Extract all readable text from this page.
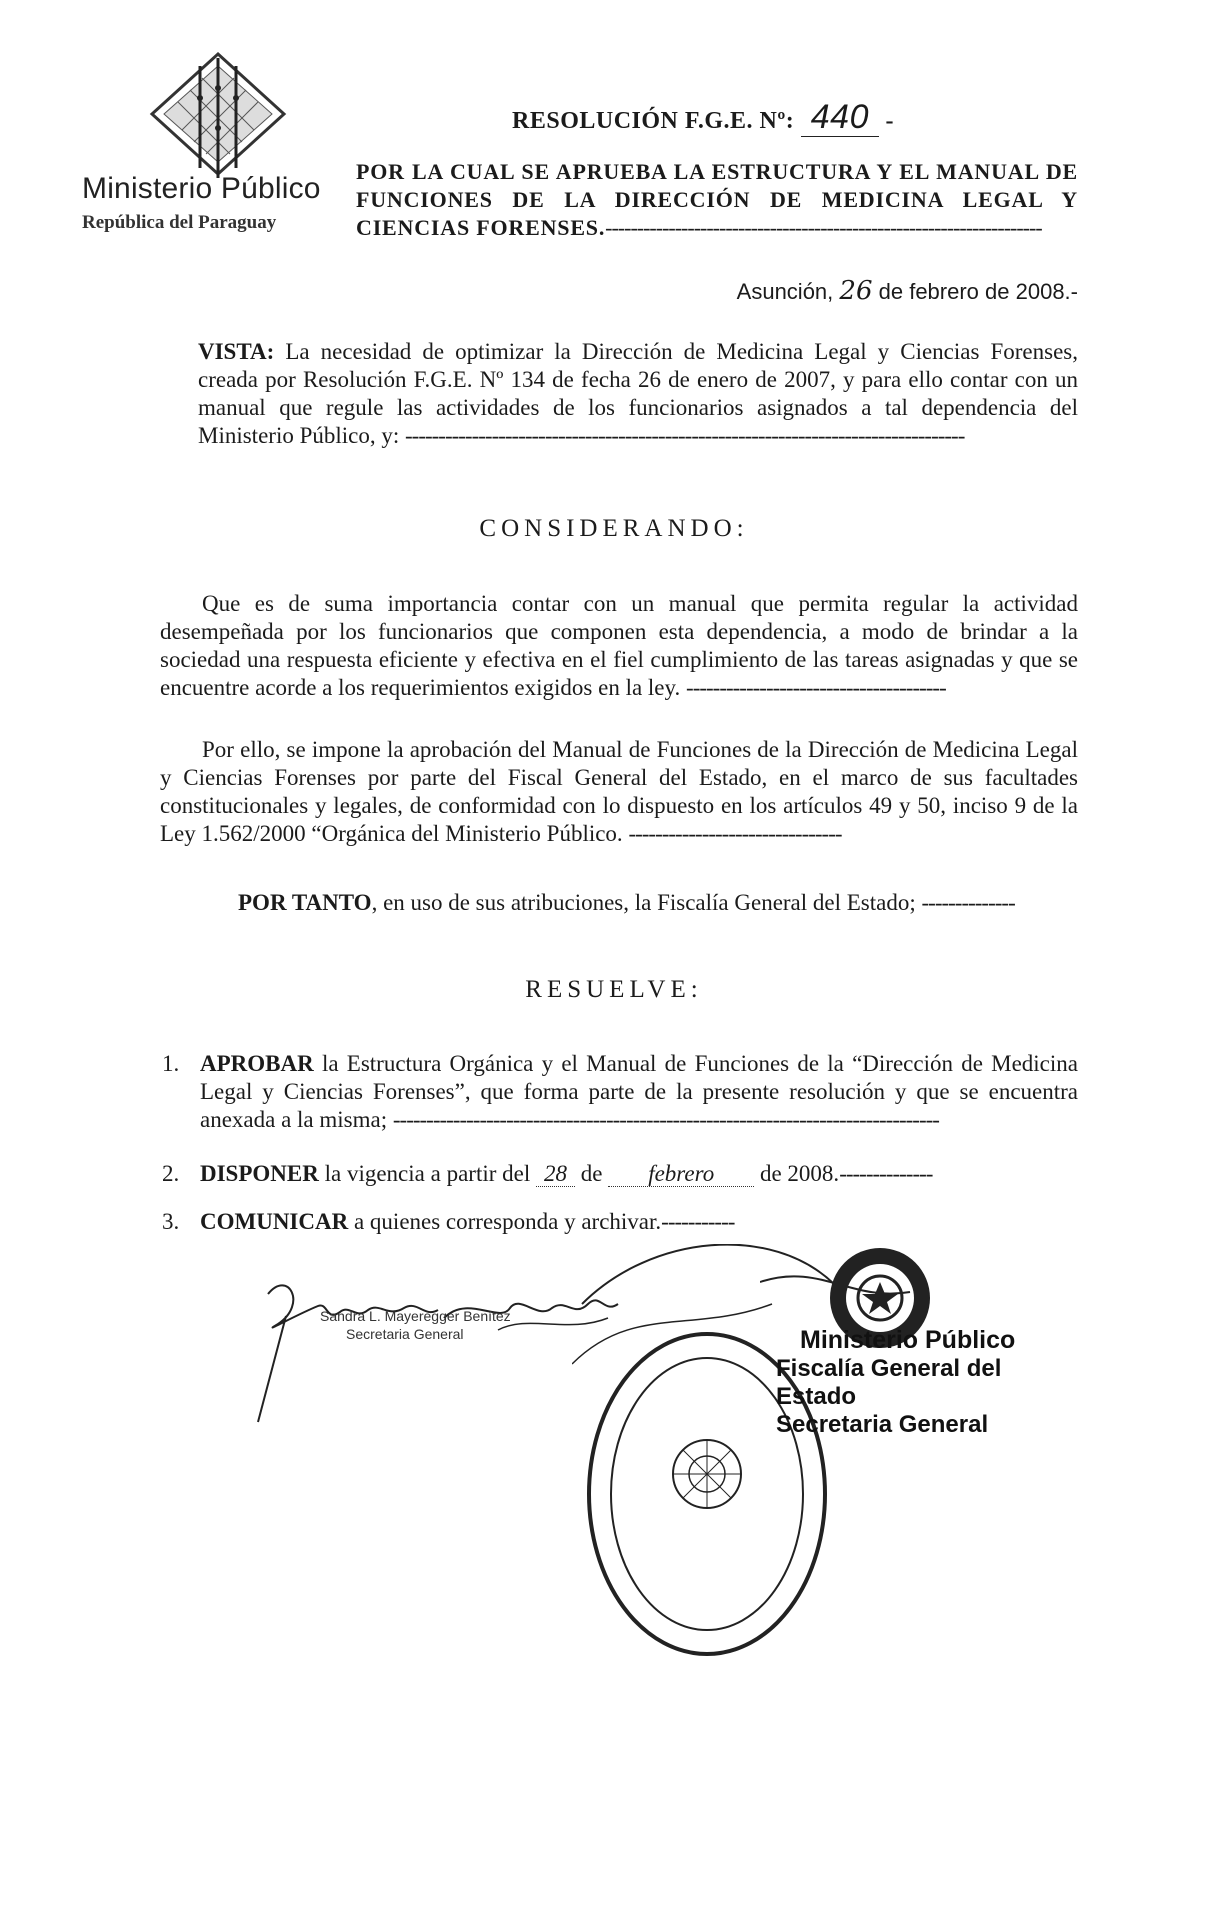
Ministerio Público
República del Paraguay
RESOLUCIÓN F.G.E. Nº: 440 -
POR LA CUAL SE APRUEBA LA ESTRUCTURA Y EL MANUAL DE FUNCIONES DE LA DIRECCIÓN DE MEDICINA LEGAL Y CIENCIAS FORENSES.---------------------------------------------------------------------
Asunción, 26 de febrero de 2008.-
VISTA: La necesidad de optimizar la Dirección de Medicina Legal y Ciencias Forenses, creada por Resolución F.G.E. Nº 134 de fecha 26 de enero de 2007, y para ello contar con un manual que regule las actividades de los funcionarios asignados a tal dependencia del Ministerio Público, y: ------------------------------------------------------------------------------------
CONSIDERANDO:
Que es de suma importancia contar con un manual que permita regular la actividad desempeñada por los funcionarios que componen esta dependencia, a modo de brindar a la sociedad una respuesta eficiente y efectiva en el fiel cumplimiento de las tareas asignadas y que se encuentre acorde a los requerimientos exigidos en la ley. ---------------------------------------
Por ello, se impone la aprobación del Manual de Funciones de la Dirección de Medicina Legal y Ciencias Forenses por parte del Fiscal General del Estado, en el marco de sus facultades constitucionales y legales, de conformidad con lo dispuesto en los artículos 49 y 50, inciso 9 de la Ley 1.562/2000 “Orgánica del Ministerio Público. --------------------------------
POR TANTO, en uso de sus atribuciones, la Fiscalía General del Estado; --------------
RESUELVE:
1. APROBAR la Estructura Orgánica y el Manual de Funciones de la “Dirección de Medicina Legal y Ciencias Forenses”, que forma parte de la presente resolución y que se encuentra anexada a la misma; ----------------------------------------------------------------------------------
2. DISPONER la vigencia a partir del 28 de febrero de 2008.--------------
3. COMUNICAR a quienes corresponda y archivar.-----------
Sandra L. Mayeregger Benítez
Secretaria General	Ministerio Público
Fiscalía General del Estado
Secretaria General
